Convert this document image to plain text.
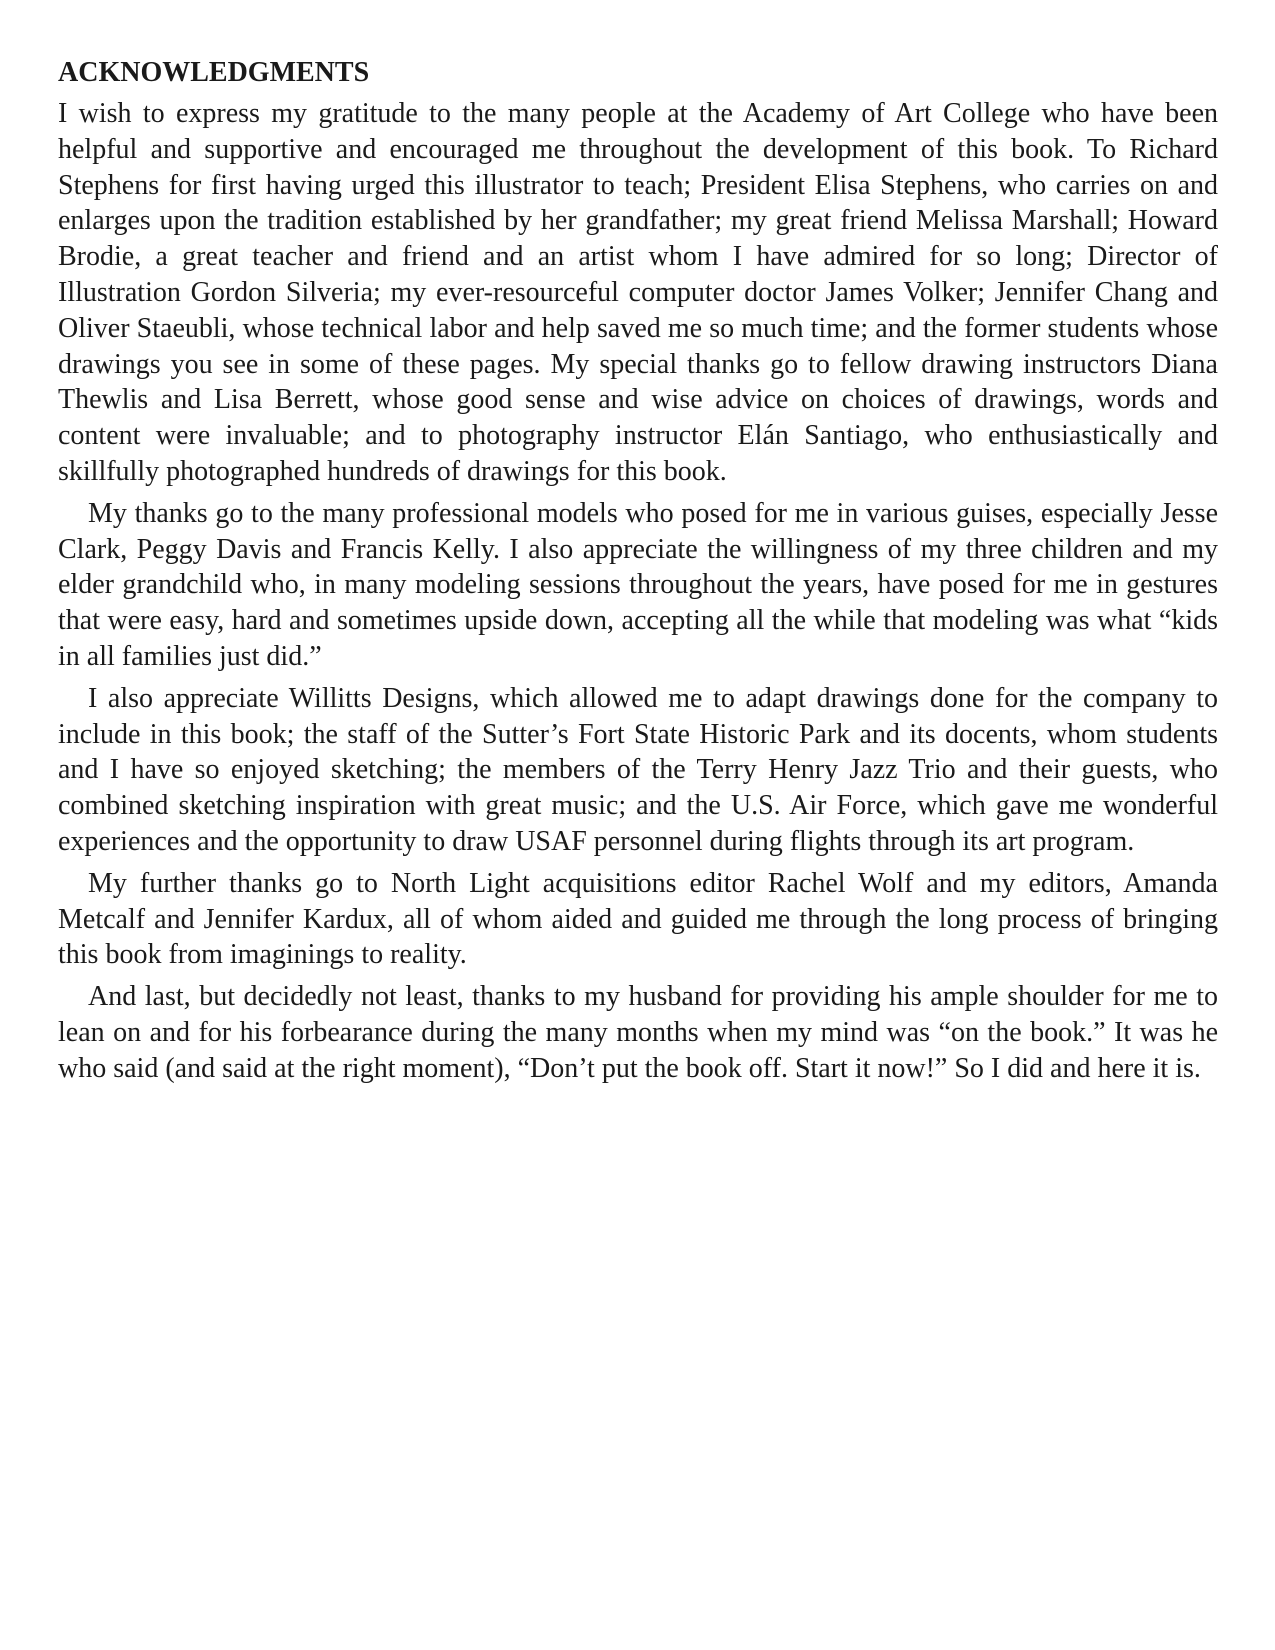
ACKNOWLEDGMENTS

I wish to express my gratitude to the many people at the Academy of Art College who have been helpful and supportive and encouraged me throughout the development of this book. To Richard Stephens for first having urged this illustrator to teach; President Elisa Stephens, who carries on and enlarges upon the tradition established by her grandfather; my great friend Melissa Marshall; Howard Brodie, a great teacher and friend and an artist whom I have admired for so long; Director of Illustration Gordon Silveria; my ever-resourceful computer doctor James Volker; Jennifer Chang and Oliver Staeubli, whose technical labor and help saved me so much time; and the former students whose drawings you see in some of these pages. My special thanks go to fellow drawing instructors Diana Thewlis and Lisa Berrett, whose good sense and wise advice on choices of drawings, words and content were invaluable; and to photography instructor Elán Santiago, who enthusiastically and skillfully photographed hundreds of drawings for this book.

My thanks go to the many professional models who posed for me in various guises, especially Jesse Clark, Peggy Davis and Francis Kelly. I also appreciate the willingness of my three children and my elder grandchild who, in many modeling sessions throughout the years, have posed for me in gestures that were easy, hard and sometimes upside down, accepting all the while that modeling was what “kids in all families just did.”

I also appreciate Willitts Designs, which allowed me to adapt drawings done for the company to include in this book; the staff of the Sutter’s Fort State Historic Park and its docents, whom students and I have so enjoyed sketching; the members of the Terry Henry Jazz Trio and their guests, who combined sketching inspiration with great music; and the U.S. Air Force, which gave me wonderful experiences and the opportunity to draw USAF personnel during flights through its art program.

My further thanks go to North Light acquisitions editor Rachel Wolf and my editors, Amanda Metcalf and Jennifer Kardux, all of whom aided and guided me through the long process of bringing this book from imaginings to reality.

And last, but decidedly not least, thanks to my husband for providing his ample shoulder for me to lean on and for his forbearance during the many months when my mind was “on the book.” It was he who said (and said at the right moment), “Don’t put the book off. Start it now!” So I did and here it is.
